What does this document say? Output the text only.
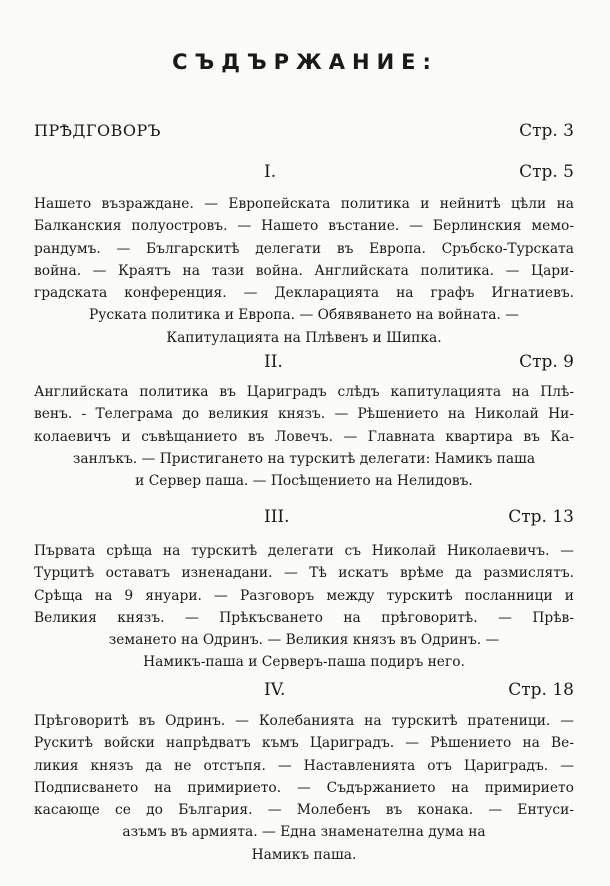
СЪДЪРЖАНИЕ:
ПРѢДГОВОРЪ	Стр. 3
I.	Стр. 5
Нашето възраждане. — Европейската политика и нейнитѣ цѣли на
Балканския полуостровъ. — Нашето въстание. — Берлинския мемо-
рандумъ. — Българскитѣ делегати въ Европа. Сръбско-Турската
война. — Краятъ на тази война. Английската политика. — Цари-
градската конференция. — Декларацията на графъ Игнатиевъ.
Руската политика и Европа. — Обявяването на войната. —
Капитулацията на Плѣвенъ и Шипка.
II.	Стр. 9
Английската политика въ Цариградъ слѣдъ капитулацията на Плѣ-
венъ. - Телеграма до великия князъ. — Рѣшението на Николай Ни-
колаевичъ и съвѣщанието въ Ловечъ. — Главната квартира въ Ка-
занлъкъ. — Пристигането на турскитѣ делегати: Намикъ паша
и Сервеp паша. — Посѣщението на Нелидовъ.
III.	Стр. 13
Първата срѣща на турскитѣ делегати съ Николай Николаевичъ. —
Турцитѣ оставатъ изненадани. — Тѣ искатъ врѣме да размислятъ.
Срѣща на 9 януари. — Разговоръ между турскитѣ посланници и
Великия князъ. — Прѣкъсването на прѣговоритѣ. — Прѣв-
земането на Одринъ. — Великия князъ въ Одринъ. —
Намикъ-паша и Серверъ-паша подиръ него.
IV.	Стр. 18
Прѣговоритѣ въ Одринъ. — Колебанията на турскитѣ пратеници. —
Рускитѣ войски напрѣдватъ къмъ Цариградъ. — Рѣшението на Ве-
ликия князъ да не отстъпя. — Наставленията отъ Цариградъ. —
Подписването на примирието. — Съдържанието на примирието
касающе се до България. — Молебенъ въ конака. — Ентуси-
азъмъ въ армията. — Една знаменателна дума на
Намикъ паша.
